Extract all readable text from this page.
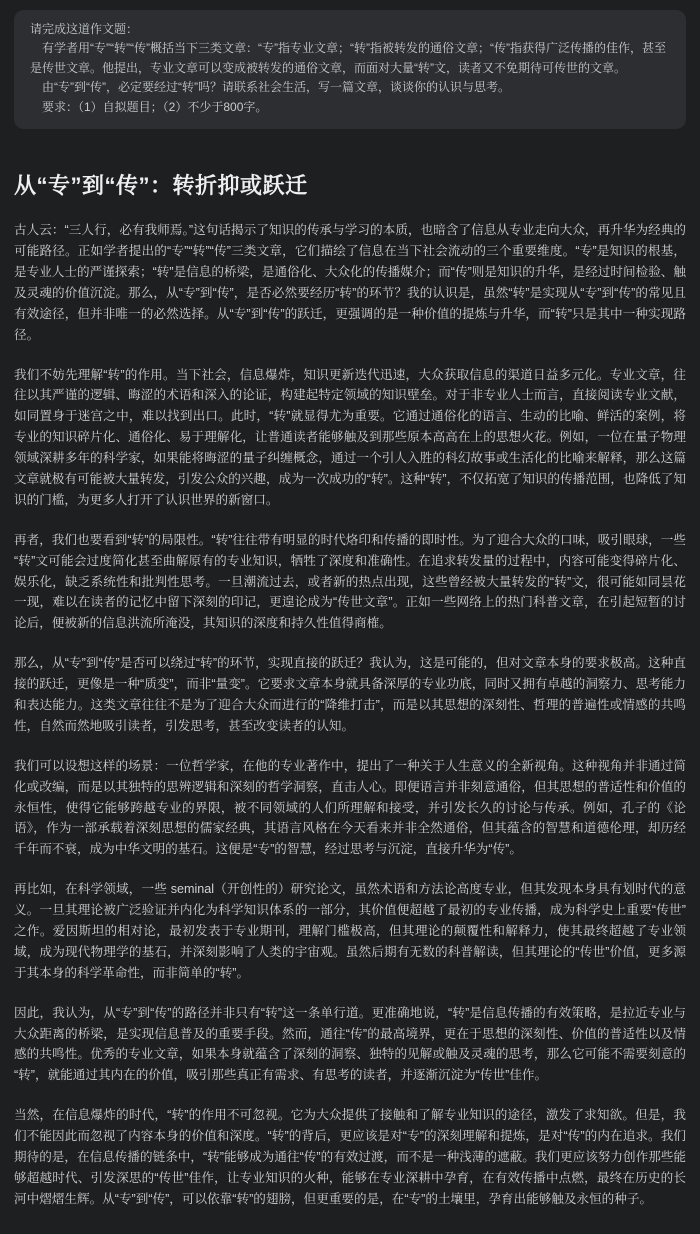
请完成这道作文题：

有学者用“专”“转”“传”概括当下三类文章：“专”指专业文章；“转”指被转发的通俗文章；“传”指获得广泛传播的佳作，甚至是传世文章。他提出，专业文章可以变成被转发的通俗文章，而面对大量“转”文，读者又不免期待可传世的文章。

由“专”到“传”，必定要经过“转”吗？请联系社会生活，写一篇文章，谈谈你的认识与思考。

要求：（1）自拟题目；（2）不少于800字。

从“专”到“传”：转折抑或跃迁

古人云：“三人行，必有我师焉。”这句话揭示了知识的传承与学习的本质，也暗含了信息从专业走向大众，再升华为经典的可能路径。正如学者提出的“专”“转”“传”三类文章，它们描绘了信息在当下社会流动的三个重要维度。“专”是知识的根基，是专业人士的严谨探索；“转”是信息的桥梁，是通俗化、大众化的传播媒介；而“传”则是知识的升华，是经过时间检验、触及灵魂的价值沉淀。那么，从“专”到“传”，是否必然要经历“转”的环节？我的认识是，虽然“转”是实现从“专”到“传”的常见且有效途径，但并非唯一的必然选择。从“专”到“传”的跃迁，更强调的是一种价值的提炼与升华，而“转”只是其中一种实现路径。

我们不妨先理解“转”的作用。当下社会，信息爆炸，知识更新迭代迅速，大众获取信息的渠道日益多元化。专业文章，往往以其严谨的逻辑、晦涩的术语和深入的论证，构建起特定领域的知识壁垒。对于非专业人士而言，直接阅读专业文献，如同置身于迷宫之中，难以找到出口。此时，“转”就显得尤为重要。它通过通俗化的语言、生动的比喻、鲜活的案例，将专业的知识碎片化、通俗化、易于理解化，让普通读者能够触及到那些原本高高在上的思想火花。例如，一位在量子物理领域深耕多年的科学家，如果能将晦涩的量子纠缠概念，通过一个引人入胜的科幻故事或生活化的比喻来解释，那么这篇文章就极有可能被大量转发，引发公众的兴趣，成为一次成功的“转”。这种“转”，不仅拓宽了知识的传播范围，也降低了知识的门槛，为更多人打开了认识世界的新窗口。

再者，我们也要看到“转”的局限性。“转”往往带有明显的时代烙印和传播的即时性。为了迎合大众的口味，吸引眼球，一些“转”文可能会过度简化甚至曲解原有的专业知识，牺牲了深度和准确性。在追求转发量的过程中，内容可能变得碎片化、娱乐化，缺乏系统性和批判性思考。一旦潮流过去，或者新的热点出现，这些曾经被大量转发的“转”文，很可能如同昙花一现，难以在读者的记忆中留下深刻的印记，更遑论成为“传世文章”。正如一些网络上的热门科普文章，在引起短暂的讨论后，便被新的信息洪流所淹没，其知识的深度和持久性值得商榷。

那么，从“专”到“传”是否可以绕过“转”的环节，实现直接的跃迁？我认为，这是可能的，但对文章本身的要求极高。这种直接的跃迁，更像是一种“质变”，而非“量变”。它要求文章本身就具备深厚的专业功底，同时又拥有卓越的洞察力、思考能力和表达能力。这类文章往往不是为了迎合大众而进行的“降维打击”，而是以其思想的深刻性、哲理的普遍性或情感的共鸣性，自然而然地吸引读者，引发思考，甚至改变读者的认知。

我们可以设想这样的场景：一位哲学家，在他的专业著作中，提出了一种关于人生意义的全新视角。这种视角并非通过简化或改编，而是以其独特的思辨逻辑和深刻的哲学洞察，直击人心。即便语言并非刻意通俗，但其思想的普适性和价值的永恒性，使得它能够跨越专业的界限，被不同领域的人们所理解和接受，并引发长久的讨论与传承。例如，孔子的《论语》，作为一部承载着深刻思想的儒家经典，其语言风格在今天看来并非全然通俗，但其蕴含的智慧和道德伦理，却历经千年而不衰，成为中华文明的基石。这便是“专”的智慧，经过思考与沉淀，直接升华为“传”。

再比如，在科学领域，一些 seminal（开创性的）研究论文，虽然术语和方法论高度专业，但其发现本身具有划时代的意义。一旦其理论被广泛验证并内化为科学知识体系的一部分，其价值便超越了最初的专业传播，成为科学史上重要“传世”之作。爱因斯坦的相对论，最初发表于专业期刊，理解门槛极高，但其理论的颠覆性和解释力，使其最终超越了专业领域，成为现代物理学的基石，并深刻影响了人类的宇宙观。虽然后期有无数的科普解读，但其理论的“传世”价值，更多源于其本身的科学革命性，而非简单的“转”。

因此，我认为，从“专”到“传”的路径并非只有“转”这一条单行道。更准确地说，“转”是信息传播的有效策略，是拉近专业与大众距离的桥梁，是实现信息普及的重要手段。然而，通往“传”的最高境界，更在于思想的深刻性、价值的普适性以及情感的共鸣性。优秀的专业文章，如果本身就蕴含了深刻的洞察、独特的见解或触及灵魂的思考，那么它可能不需要刻意的“转”，就能通过其内在的价值，吸引那些真正有需求、有思考的读者，并逐渐沉淀为“传世”佳作。

当然，在信息爆炸的时代，“转”的作用不可忽视。它为大众提供了接触和了解专业知识的途径，激发了求知欲。但是，我们不能因此而忽视了内容本身的价值和深度。“转”的背后，更应该是对“专”的深刻理解和提炼，是对“传”的内在追求。我们期待的是，在信息传播的链条中，“转”能够成为通往“传”的有效过渡，而不是一种浅薄的遮蔽。我们更应该努力创作那些能够超越时代、引发深思的“传世”佳作，让专业知识的火种，能够在专业深耕中孕育，在有效传播中点燃，最终在历史的长河中熠熠生辉。从“专”到“传”，可以依靠“转”的翅膀，但更重要的是，在“专”的土壤里，孕育出能够触及永恒的种子。
